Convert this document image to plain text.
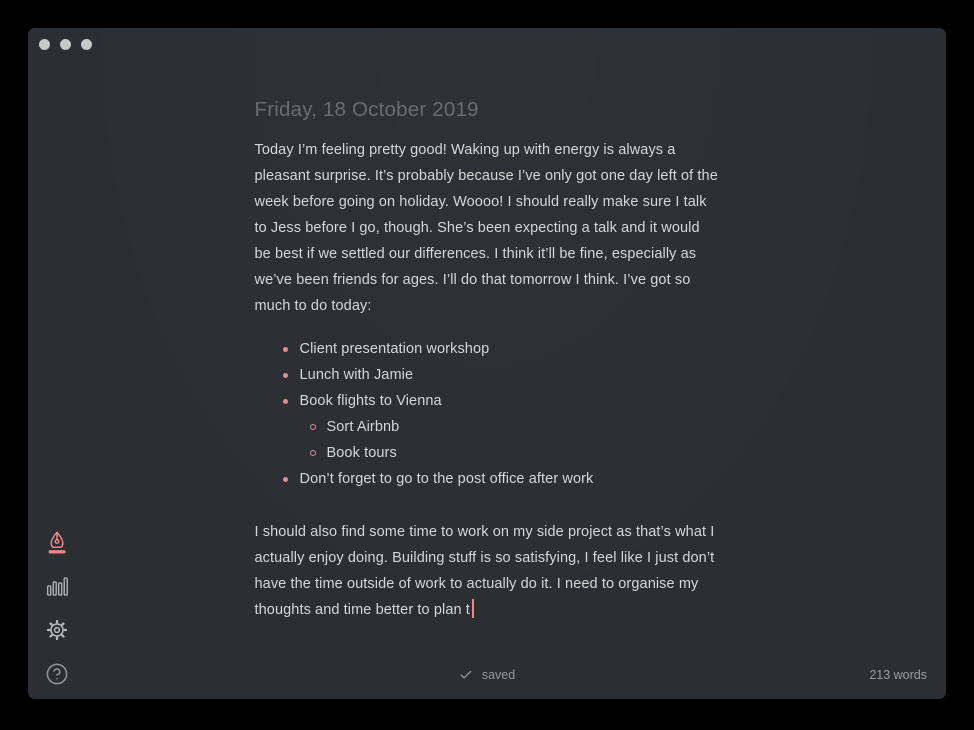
Friday, 18 October 2019

Today I’m feeling pretty good! Waking up with energy is always a pleasant surprise. It’s probably because I’ve only got one day left of the week before going on holiday. Woooo! I should really make sure I talk to Jess before I go, though. She’s been expecting a talk and it would be best if we settled our differences. I think it’ll be fine, especially as we’ve been friends for ages. I’ll do that tomorrow I think. I’ve got so much to do today:

Client presentation workshop
Lunch with Jamie
Book flights to Vienna
Sort Airbnb
Book tours
Don’t forget to go to the post office after work

I should also find some time to work on my side project as that’s what I actually enjoy doing. Building stuff is so satisfying, I feel like I just don’t have the time outside of work to actually do it. I need to organise my thoughts and time better to plan t

saved	213 words
